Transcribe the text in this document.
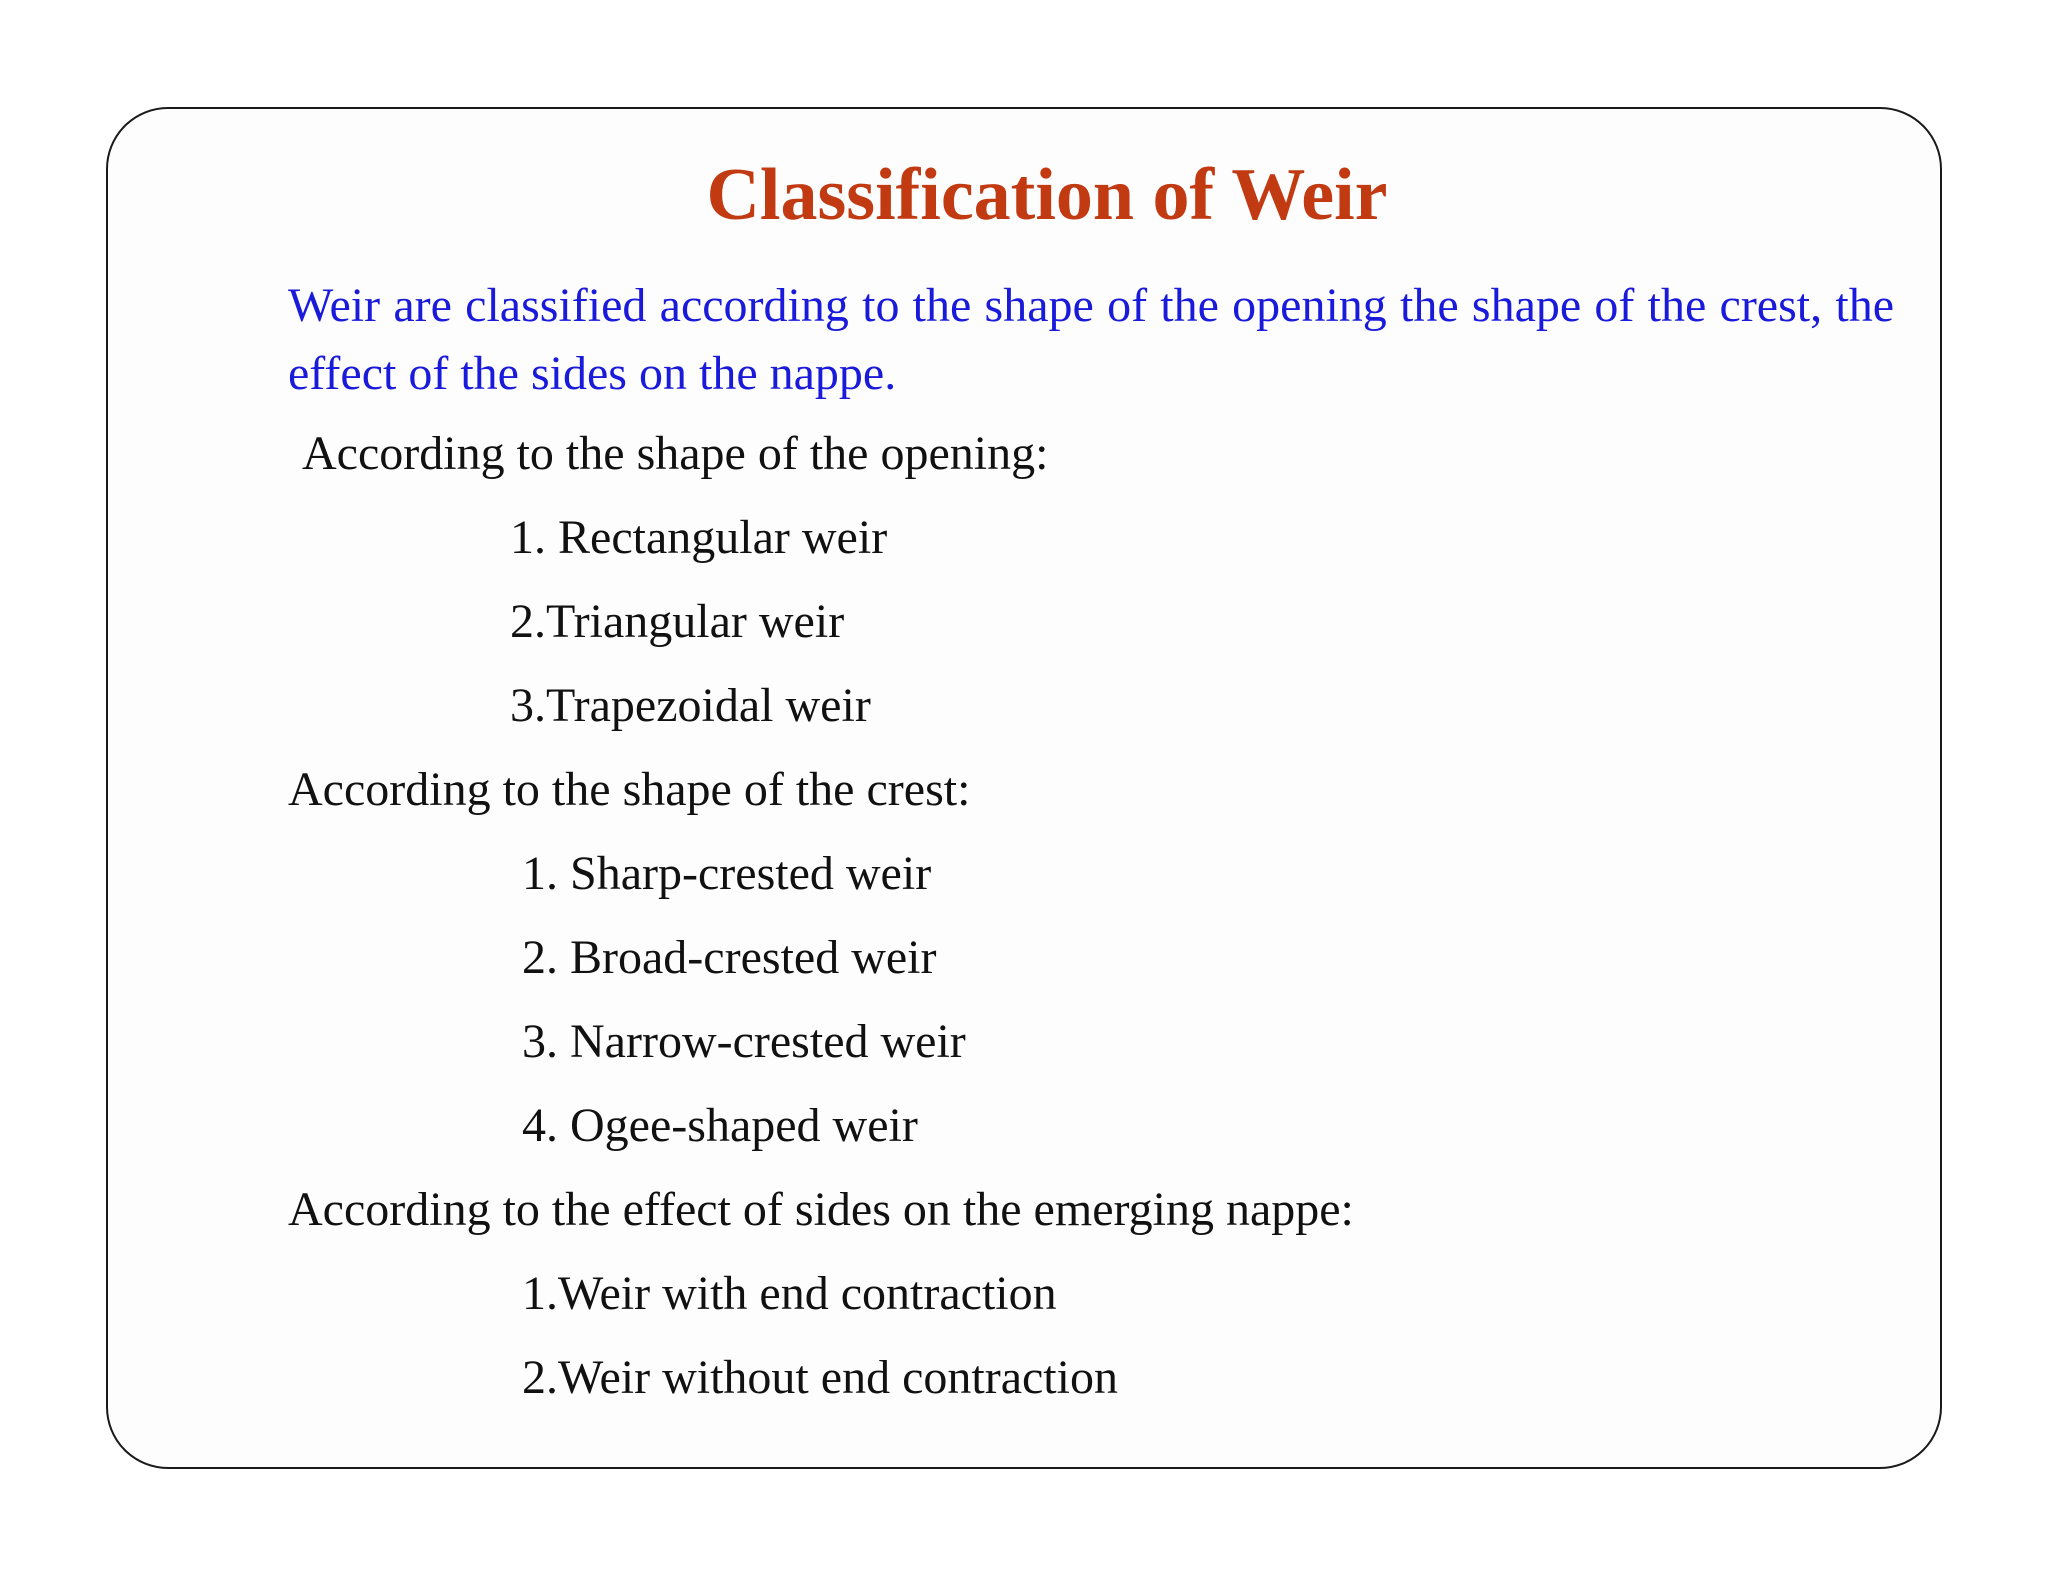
Classification of Weir
Weir are classified according to the shape of the opening the shape of the crest, the effect of the sides on the nappe.
According to the shape of the opening:
1. Rectangular weir
2.Triangular weir
3.Trapezoidal weir
According to the shape of the crest:
1. Sharp-crested weir
2. Broad-crested weir
3. Narrow-crested weir
4. Ogee-shaped weir
According to the effect of sides on the emerging nappe:
1.Weir with end contraction
2.Weir without end contraction
